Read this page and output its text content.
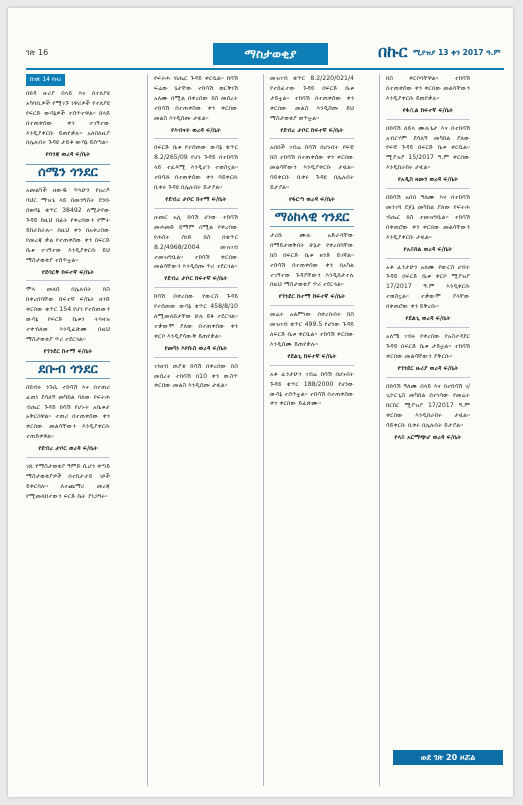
ገጽ 16	ማስታወቂያ	በኩር ሚያዝያ 13 ቀን 2017 ዓ.ም
ከገጽ 14 የዞረ

በክዳ ዙሪያ በላይ እና በተለያዩ አካባቢዎች የሚገኙ ነዋሪዎች የተለያዩ የፍርድ ውሳኔዎች ተሰጥተዋል። ከላይ በተጠቀሰው ቀን ተገኝተው እንዲያቀርቡ ይጠየቃሉ። አለበለዚያ በሌሉበት ጉዳዩ ታይቶ ውሳኔ ይሰጣል።

የባንጃ ወረዳ ፍ/ቤት
ሰሜን ጎንደር

አመልካች ዘውዱ ጥላሁን የዐረዶ ባህር ማዝጌ ላይ በመንግስት ደንቡ በወሳኔ ቁጥር 38492 ለሚታየው ጉዳይ ከዚህ በፊት የቀረበውን የሞት ይከራከራሉ። በዚህ ቀን በአቀረበው የመረጃ ቃል የተጠቀሰው ቀን በፍርድ ቤቱ ተገኝተው እንዲያቀርቡ ይህ ማስታወቂያ ተሰጥቷል።

የደባርቅ ከፍተኛ ፍ/ቤት

ሞላ መለሰ በሌሉበት ክስ ከቀረበባቸው ከፍተኛ ፍ/ቤት ዘንድ ቀርበው ቁጥር 154 የሆነ የተሰጠውን ውሳኔ የፍርድ ቤቱን ትእዛዝ ተቀብለው እንዲፈጽሙ በዚህ ማስታወቂያ ጥሪ ተደርጓል።

የጎንደር ከተማ ፍ/ቤት
ደቡብ ጎንደር

በክብሩ ንጉሴ ተከሳሽ እና በተጠሪ ፈጠነ ደሳለኝ መካከል ባለው የፍትሐ ብሔር ጉዳይ ከሳሽ የሆኑት አቤቱታ አቅርበዋል። ተጠሪ በተጠቀሰው ቀን ቀርበው መልሳቸውን እንዲያቀርቡ ተጠይቀዋል።

የደብረ ታቦር ወረዳ ፍ/ቤት

ገጹ የማስታወቂያ ዓምድ ሲሆን ቀጣይ ማስታወቂያዎች በተከታታይ ገጾች ይቀርባሉ። ለተጨማሪ መረጃ የሚመለከተውን ፍርድ ቤት ያነጋግሩ።

የፍትሐ ብሔር ጉዳይ ቀርቧል። ከሳሽ ፍሬው ጌታቸው ተከሳሽ ወርቅነሽ አለሙ በሚል በቀረበው ክስ መሰረት ተከሳሽ በተጠቀሰው ቀን ቀርበው መልስ እንዲሰጡ ታዟል።

የእብናት ወረዳ ፍ/ቤት

በፍርድ ቤቱ የተሰጠው ውሳኔ ቁጥር 8.2/265/09 የሆነ ጉዳይ በተከሳሽ ላይ ተፈጻሚ እንዲሆን ተወስኗል። ተከሳሹ በተጠቀሰው ቀን ሳይቀርቡ ቢቀሩ ጉዳዩ በሌሉበት ይታያል።

የደብረ ታቦር ከተማ ፍ/ቤት

ዑመር አሊ ከሳሽ ሆነው ተከሳሽ መሐመድ ይማም በሚል የቀረበው የሐሰት ሰነድ ክስ በቁጥር 8.2/4968/2004 መዝገብ ተመዝግቧል። ተከሳሽ ቀርበው መልሳቸውን እንዲሰጡ ጥሪ ተደርጓል።

የደብረ ታቦር ከፍተኛ ፍ/ቤት

ከሳሽ በቀረበው የውርስ ጉዳይ የተሰጠው ውሳኔ ቁጥር 458/8/10 ለሚመለከታቸው ሁሉ ይፋ ተደርጓል። ተቃውሞ ያለው በተጠቀሰው ቀን ቀርቦ እንዲያሳውቅ ይጠየቃል።

የመካነ እየሱስ ወረዳ ፍ/ቤት

ገንዘብ ጠያቂ ከሳሽ በቀረበው ክስ መሰረት ተከሳሽ በ10 ቀን ውስጥ ቀርበው መልስ እንዲሰጡ ታዟል።

መዝገብ ቁጥር 8.2/220/021/4 የተከፈተው ጉዳይ በፍርድ ቤቱ ታይቷል። ተከሳሽ በተጠቀሰው ቀን ቀርበው መልስ እንዲሰጡ ይህ ማስታወቂያ ወጥቷል።

የደብረ ታቦር ከፍተኛ ፍ/ቤት

አበበች ገብሬ ከሳሽ በሆኑበት የፍቺ ክስ ተከሳሽ በተጠቀሰው ቀን ቀርበው መልሳቸውን እንዲያቀርቡ ታዟል። ሳይቀርቡ ቢቀሩ ጉዳዩ በሌሉበት ይታያል።

የፋርጣ ወረዳ ፍ/ቤት
ማዕከላዊ ጎንደር

ታሪኩ ሙሉ አድራሻቸው በማይታወቅበት ሁኔታ የቀረበባቸው ክስ በፍርድ ቤቱ ዘንድ ይገኛል። ተከሳሽ በተጠቀሰው ቀን በአካል ተገኝተው ጉዳያቸውን እንዲከታተሉ በዚህ ማስታወቂያ ጥሪ ተደርጓል።

የጎንደር ከተማ ከፍተኛ ፍ/ቤት

መሬት አልምነው በቀረቡበት ክስ መዝገብ ቁጥር 499.5 የሆነው ጉዳይ ለፍርድ ቤቱ ቀርቧል። ተከሳሽ ቀርበው እንዲሰሙ ይጠየቃሉ።

የደልጊ ከፍተኛ ፍ/ቤት

አቶ ፈንታሁን ገብሬ ከሳሽ በሆኑበት ጉዳይ ቁጥር 188/2000 የሆነው ውሳኔ ተሰጥቷል። ተከሳሽ በተጠቀሰው ቀን ቀርበው ይፈጽሙ።

ክስ ቀርቦባቸዋል። ተከሳሽ በተጠቀሰው ቀን ቀርበው መልሳቸውን እንዲያቀርቡ ይጠየቃሉ።

የፋሲል ከፍተኛ ፍ/ቤት

በከሳሽ ለይላ ሙሉጌታ እና በተከሳሽ አብርሃም ደሳለኝ መካከል ያለው የፍቺ ጉዳይ በፍርድ ቤቱ ቀርቧል። ሚያዝያ 15/2017 ዓ.ም ቀርበው እንዲከራከሩ ታዟል።

የአዲስ ዘመን ወረዳ ፍ/ቤት

በከሳሽ አበበ ዓለሙ እና በተከሳሽ መንገሻ ደጀኔ መካከል ያለው የፍትሐ ብሔር ክስ ተመዝግቧል። ተከሳሽ በቀጠሮው ቀን ቀርበው መልሳቸውን እንዲያቀርቡ ታዟል።

የአይከል ወረዳ ፍ/ቤት

አቶ ፈንታሁን አለሙ የውርስ ሀብት ጉዳይ በፍርድ ቤቱ ቀርቦ ሚያዝያ 17/2017 ዓ.ም እንዲቀርቡ ተወስኗል። ተቃውሞ ያላቸው በቀጠሮው ቀን ይቅረቡ።

የደልጊ ወረዳ ፍ/ቤት

አለሜ ገብሩ የቀረበው የአስተዳደር ጉዳይ በፍርድ ቤቱ ታይቷል። ተከሳሽ ቀርበው መልሳቸውን ያቅርቡ።

የጎንደር ዙሪያ ወረዳ ፍ/ቤት

በከሳሽ ዓለሙ በላይ እና በተከሳሽ ገ/ጊዮርጊስ መካከል በተነሳው የመሬት ክርክር ሚያዝያ 17/2017 ዓ.ም ቀርበው እንዲከራከሩ ታዟል። ሳይቀርቡ ቢቀሩ በሌሉበት ይታያል።

የላይ አርማጭሆ ወረዳ ፍ/ቤት
ወደ ገጽ 20 ዞሯል
